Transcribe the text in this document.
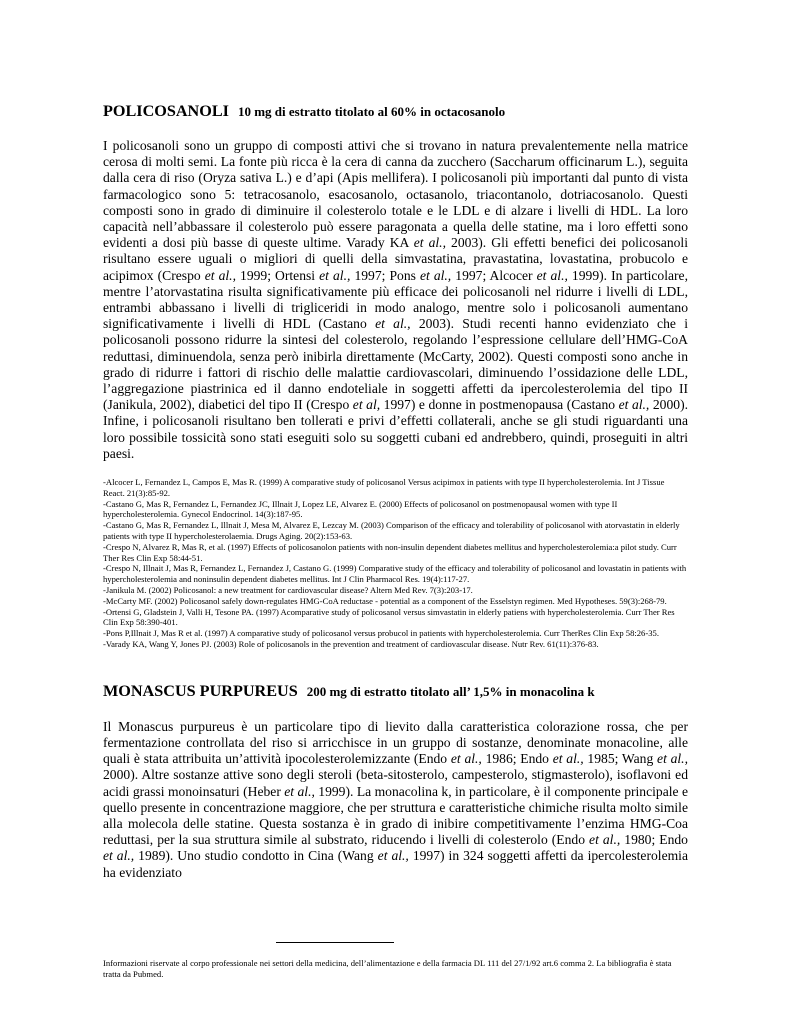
POLICOSANOLI 10 mg di estratto titolato al 60% in octacosanolo

I policosanoli sono un gruppo di composti attivi che si trovano in natura prevalentemente nella matrice cerosa di molti semi. La fonte più ricca è la cera di canna da zucchero (Saccharum officinarum L.), seguita dalla cera di riso (Oryza sativa L.) e d’api (Apis mellifera). I policosanoli più importanti dal punto di vista farmacologico sono 5: tetracosanolo, esacosanolo, octasanolo, triacontanolo, dotriacosanolo. Questi composti sono in grado di diminuire il colesterolo totale e le LDL e di alzare i livelli di HDL. La loro capacità nell’abbassare il colesterolo può essere paragonata a quella delle statine, ma i loro effetti sono evidenti a dosi più basse di queste ultime. Varady KA et al., 2003). Gli effetti benefici dei policosanoli risultano essere uguali o migliori di quelli della simvastatina, pravastatina, lovastatina, probucolo e acipimox (Crespo et al., 1999; Ortensi et al., 1997; Pons et al., 1997; Alcocer et al., 1999). In particolare, mentre l’atorvastatina risulta significativamente più efficace dei policosanoli nel ridurre i livelli di LDL, entrambi abbassano i livelli di trigliceridi in modo analogo, mentre solo i policosanoli aumentano significativamente i livelli di HDL (Castano et al., 2003). Studi recenti hanno evidenziato che i policosanoli possono ridurre la sintesi del colesterolo, regolando l’espressione cellulare dell’HMG-CoA reduttasi, diminuendola, senza però inibirla direttamente (McCarty, 2002). Questi composti sono anche in grado di ridurre i fattori di rischio delle malattie cardiovascolari, diminuendo l’ossidazione delle LDL, l’aggregazione piastrinica ed il danno endoteliale in soggetti affetti da ipercolesterolemia del tipo II (Janikula, 2002), diabetici del tipo II (Crespo et al, 1997) e donne in postmenopausa (Castano et al., 2000). Infine, i policosanoli risultano ben tollerati e privi d’effetti collaterali, anche se gli studi riguardanti una loro possibile tossicità sono stati eseguiti solo su soggetti cubani ed andrebbero, quindi, proseguiti in altri paesi.

-Alcocer L, Fernandez L, Campos E, Mas R. (1999) A comparative study of policosanol Versus acipimox in patients with type II hypercholesterolemia. Int J Tissue React. 21(3):85-92.
-Castano G, Mas R, Fernandez L, Fernandez JC, Illnait J, Lopez LE, Alvarez E. (2000) Effects of policosanol on postmenopausal women with type II hypercholesterolemia. Gynecol Endocrinol. 14(3):187-95.
-Castano G, Mas R, Fernandez L, Illnait J, Mesa M, Alvarez E, Lezcay M. (2003) Comparison of the efficacy and tolerability of policosanol with atorvastatin in elderly patients with type II hypercholesterolaemia. Drugs Aging. 20(2):153-63.
-Crespo N, Alvarez R, Mas R, et al. (1997) Effects of policosanolon patients with non-insulin dependent diabetes mellitus and hypercholesterolemia:a pilot study. Curr Ther Res Clin Exp 58:44-51.
-Crespo N, Illnait J, Mas R, Fernandez L, Fernandez J, Castano G. (1999) Comparative study of the efficacy and tolerability of policosanol and lovastatin in patients with hypercholesterolemia and noninsulin dependent diabetes mellitus. Int J Clin Pharmacol Res. 19(4):117-27.
-Janikula M. (2002) Policosanol: a new treatment for cardiovascular disease? Altern Med Rev. 7(3):203-17.
-McCarty MF. (2002) Policosanol safely down-regulates HMG-CoA reductase - potential as a component of the Esselstyn regimen. Med Hypotheses. 59(3):268-79.
-Ortensi G, Gladstein J, Valli H, Tesone PA. (1997) Acomparative study of policosanol versus simvastatin in elderly patiens with hypercholesterolemia. Curr Ther Res Clin Exp 58:390-401.
-Pons P,Illnait J, Mas R et al. (1997) A comparative study of policosanol versus probucol in patients with hypercholesterolemia. Curr TherRes Clin Exp 58:26-35.
-Varady KA, Wang Y, Jones PJ. (2003) Role of policosanols in the prevention and treatment of cardiovascular disease. Nutr Rev. 61(11):376-83.
MONASCUS PURPUREUS 200 mg di estratto titolato all’ 1,5% in monacolina k

Il Monascus purpureus è un particolare tipo di lievito dalla caratteristica colorazione rossa, che per fermentazione controllata del riso si arricchisce in un gruppo di sostanze, denominate monacoline, alle quali è stata attribuita un’attività ipocolesterolemizzante (Endo et al., 1986; Endo et al., 1985; Wang et al., 2000). Altre sostanze attive sono degli steroli (beta-sitosterolo, campesterolo, stigmasterolo), isoflavoni ed acidi grassi monoinsaturi (Heber et al., 1999). La monacolina k, in particolare, è il componente principale e quello presente in concentrazione maggiore, che per struttura e caratteristiche chimiche risulta molto simile alla molecola delle statine. Questa sostanza è in grado di inibire competitivamente l’enzima HMG-Coa reduttasi, per la sua struttura simile al substrato, riducendo i livelli di colesterolo (Endo et al., 1980; Endo et al., 1989). Uno studio condotto in Cina (Wang et al., 1997) in 324 soggetti affetti da ipercolesterolemia ha evidenziato

Informazioni riservate al corpo professionale nei settori della medicina, dell’alimentazione e della farmacia DL 111 del 27/1/92 art.6 comma 2. La bibliografia è stata tratta da Pubmed.
